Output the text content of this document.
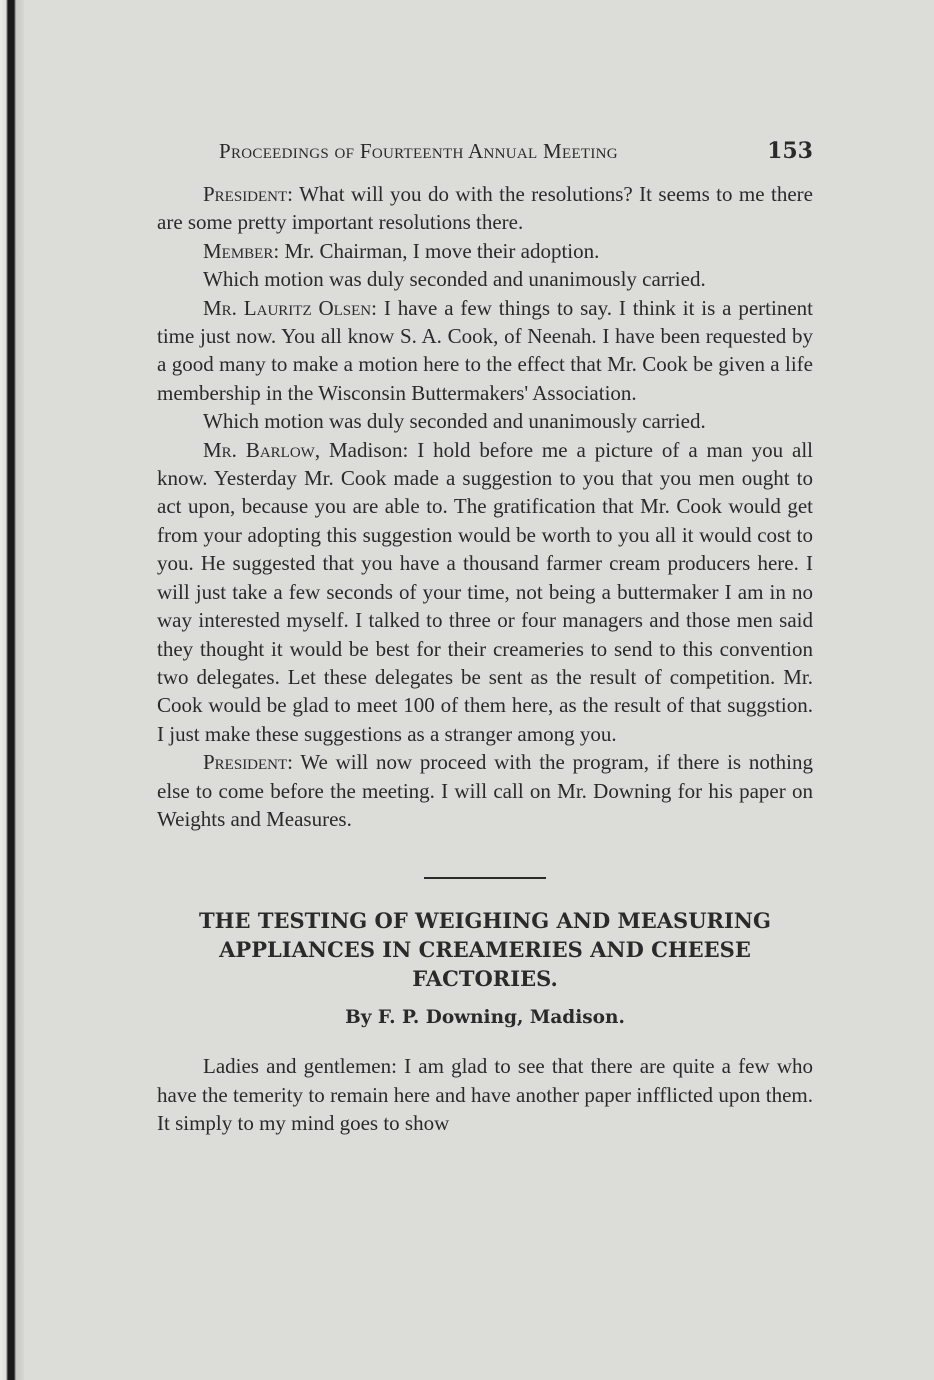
Proceedings of Fourteenth Annual Meeting	153

President: What will you do with the resolutions? It seems to me there are some pretty important resolutions there.

Member: Mr. Chairman, I move their adoption.

Which motion was duly seconded and unanimously carried.

Mr. Lauritz Olsen: I have a few things to say. I think it is a pertinent time just now. You all know S. A. Cook, of Neenah. I have been requested by a good many to make a motion here to the effect that Mr. Cook be given a life membership in the Wisconsin Buttermakers' Association.

Which motion was duly seconded and unanimously carried.

Mr. Barlow, Madison: I hold before me a picture of a man you all know. Yesterday Mr. Cook made a suggestion to you that you men ought to act upon, because you are able to. The gratification that Mr. Cook would get from your adopting this suggestion would be worth to you all it would cost to you. He suggested that you have a thousand farmer cream producers here. I will just take a few seconds of your time, not being a buttermaker I am in no way interested myself. I talked to three or four managers and those men said they thought it would be best for their creameries to send to this convention two delegates. Let these delegates be sent as the result of competition. Mr. Cook would be glad to meet 100 of them here, as the result of that suggstion. I just make these suggestions as a stranger among you.

President: We will now proceed with the program, if there is nothing else to come before the meeting. I will call on Mr. Downing for his paper on Weights and Measures.

THE TESTING OF WEIGHING AND MEASURING APPLIANCES IN CREAMERIES AND CHEESE FACTORIES.

By F. P. Downing, Madison.

Ladies and gentlemen: I am glad to see that there are quite a few who have the temerity to remain here and have another paper infflicted upon them. It simply to my mind goes to show
